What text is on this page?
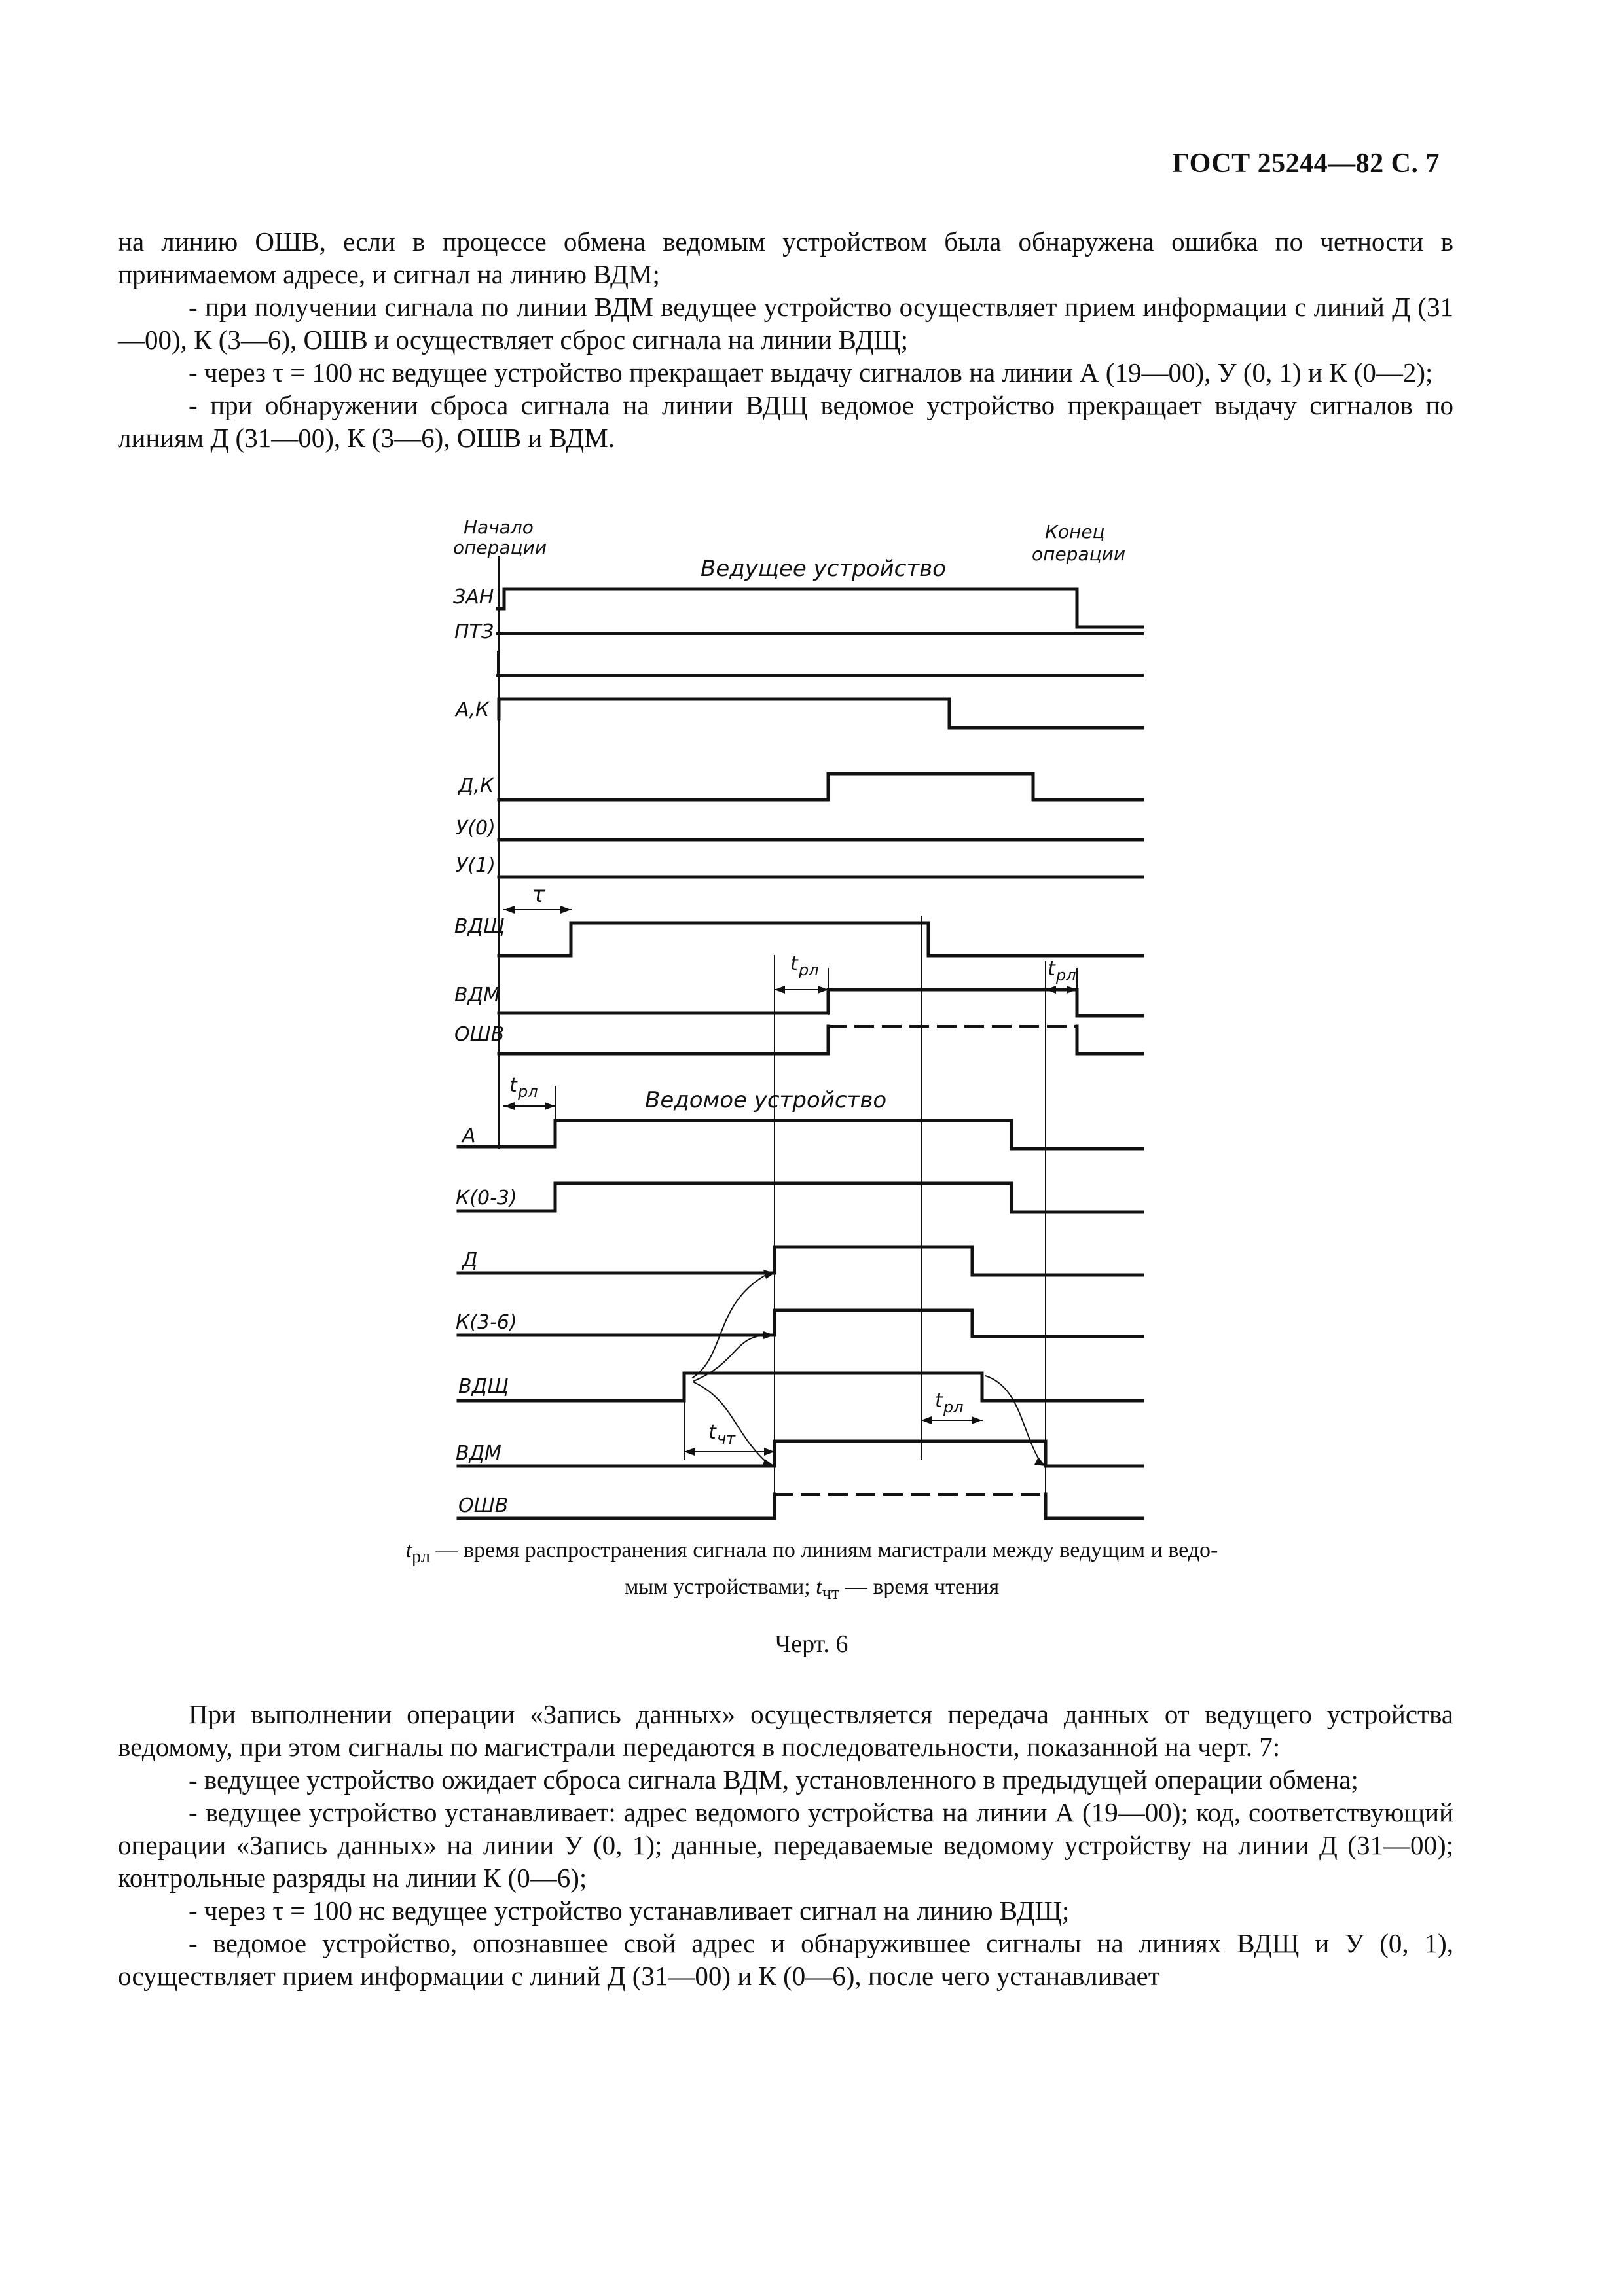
ГОСТ 25244—82 С. 7

на линию ОШВ, если в процессе обмена ведомым устройством была обнаружена ошибка по четности в принимаемом адресе, и сигнал на линию ВДМ;

- при получении сигнала по линии ВДМ ведущее устройство осуществляет прием информации с линий Д (31—00), К (3—6), ОШВ и осуществляет сброс сигнала на линии ВДЩ;

- через τ = 100 нс ведущее устройство прекращает выдачу сигналов на линии А (19—00), У (0, 1) и К (0—2);

- при обнаружении сброса сигнала на линии ВДЩ ведомое устройство прекращает выдачу сигналов по линиям Д (31—00), К (3—6), ОШВ и ВДМ.

Начало
операции
Конец
операции
Ведущее устройство
Ведомое устройство
ЗАН
ПТЗ
А,К
Д,К
У(0)
У(1)
ВДЩ
ВДМ
ОШВ
А
К(0-3)
Д
К(3-6)
ВДЩ
ВДМ
ОШВ
τ
t рл	t рл
t рл
t рл
t чт

$t_{рл}$ — время распространения сигнала по линиям магистрали между ведущим и ведо-

мым устройствами; $t_{чт}$ — время чтения

Черт. 6

При выполнении операции «Запись данных» осуществляется передача данных от ведущего устройства ведомому, при этом сигналы по магистрали передаются в последовательности, показанной на черт. 7:

- ведущее устройство ожидает сброса сигнала ВДМ, установленного в предыдущей операции обмена;

- ведущее устройство устанавливает: адрес ведомого устройства на линии А (19—00); код, соответствующий операции «Запись данных» на линии У (0, 1); данные, передаваемые ведомому устройству на линии Д (31—00); контрольные разряды на линии К (0—6);

- через τ = 100 нс ведущее устройство устанавливает сигнал на линию ВДЩ;

- ведомое устройство, опознавшее свой адрес и обнаружившее сигналы на линиях ВДЩ и У (0, 1), осуществляет прием информации с линий Д (31—00) и К (0—6), после чего устанавливает
